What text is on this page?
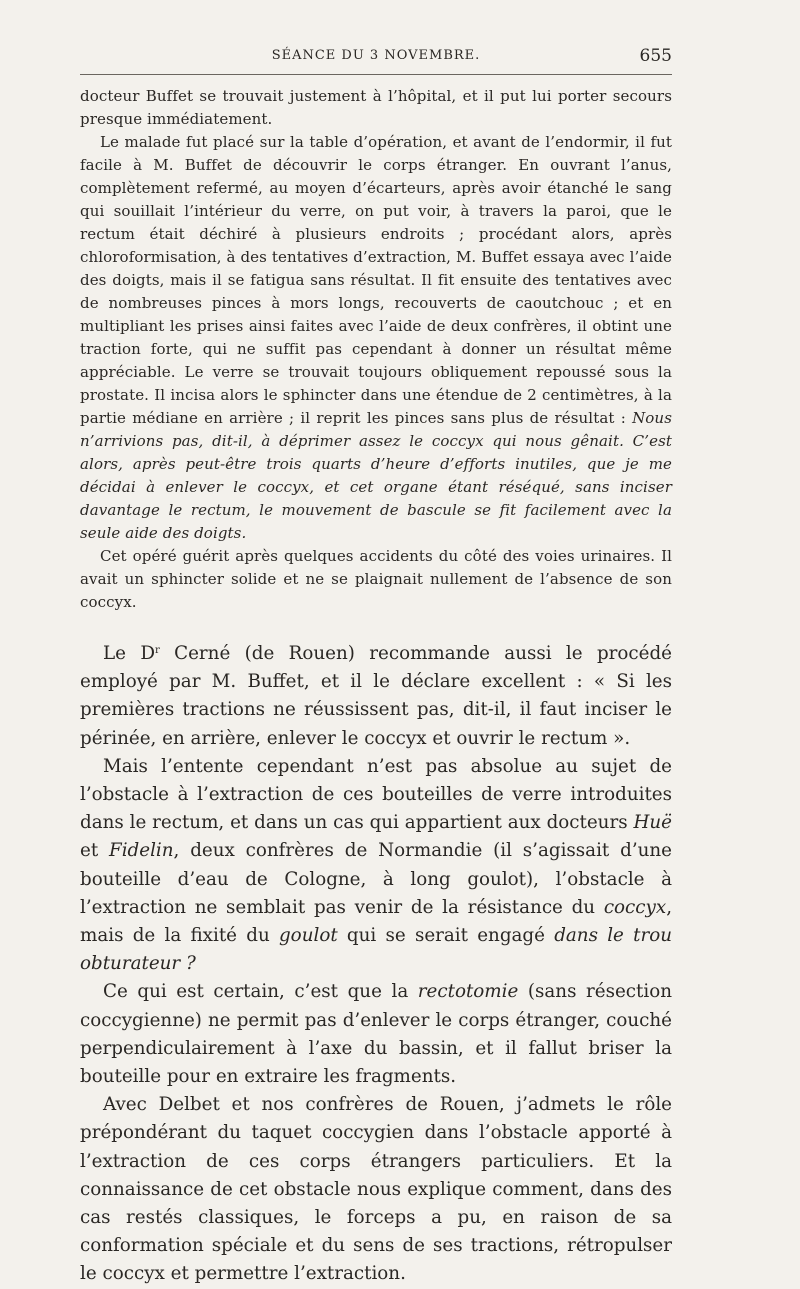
SÉANCE DU 3 NOVEMBRE.	655

docteur Buffet se trouvait justement à l’hôpital, et il put lui porter secours presque immédiatement.

Le malade fut placé sur la table d’opération, et avant de l’endormir, il fut facile à M. Buffet de découvrir le corps étranger. En ouvrant l’anus, complètement refermé, au moyen d’écarteurs, après avoir étanché le sang qui souillait l’intérieur du verre, on put voir, à travers la paroi, que le rectum était déchiré à plusieurs endroits ; procédant alors, après chloroformisation, à des tentatives d’extraction, M. Buffet essaya avec l’aide des doigts, mais il se fatigua sans résultat. Il fit ensuite des tentatives avec de nombreuses pinces à mors longs, recouverts de caoutchouc ; et en multipliant les prises ainsi faites avec l’aide de deux confrères, il obtint une traction forte, qui ne suffit pas cependant à donner un résultat même appréciable. Le verre se trouvait toujours obliquement repoussé sous la prostate. Il incisa alors le sphincter dans une étendue de 2 centimètres, à la partie médiane en arrière ; il reprit les pinces sans plus de résultat : Nous n’arrivions pas, dit-il, à déprimer assez le coccyx qui nous gênait. C’est alors, après peut-être trois quarts d’heure d’efforts inutiles, que je me décidai à enlever le coccyx, et cet organe étant réséqué, sans inciser davantage le rectum, le mouvement de bascule se fit facilement avec la seule aide des doigts.

Cet opéré guérit après quelques accidents du côté des voies urinaires. Il avait un sphincter solide et ne se plaignait nullement de l’absence de son coccyx.

Le $D^r$ Cerné (de Rouen) recommande aussi le procédé employé par M. Buffet, et il le déclare excellent : « Si les premières tractions ne réussissent pas, dit-il, il faut inciser le périnée, en arrière, enlever le coccyx et ouvrir le rectum ».

Mais l’entente cependant n’est pas absolue au sujet de l’obstacle à l’extraction de ces bouteilles de verre introduites dans le rectum, et dans un cas qui appartient aux docteurs Huë et Fidelin, deux confrères de Normandie (il s’agissait d’une bouteille d’eau de Cologne, à long goulot), l’obstacle à l’extraction ne semblait pas venir de la résistance du coccyx, mais de la fixité du goulot qui se serait engagé dans le trou obturateur ?

Ce qui est certain, c’est que la rectotomie (sans résection coccygienne) ne permit pas d’enlever le corps étranger, couché perpendiculairement à l’axe du bassin, et il fallut briser la bouteille pour en extraire les fragments.

Avec Delbet et nos confrères de Rouen, j’admets le rôle prépondérant du taquet coccygien dans l’obstacle apporté à l’extraction de ces corps étrangers particuliers. Et la connaissance de cet obstacle nous explique comment, dans des cas restés classiques, le forceps a pu, en raison de sa conformation spéciale et du sens de ses tractions, rétropulser le coccyx et permettre l’extraction.
